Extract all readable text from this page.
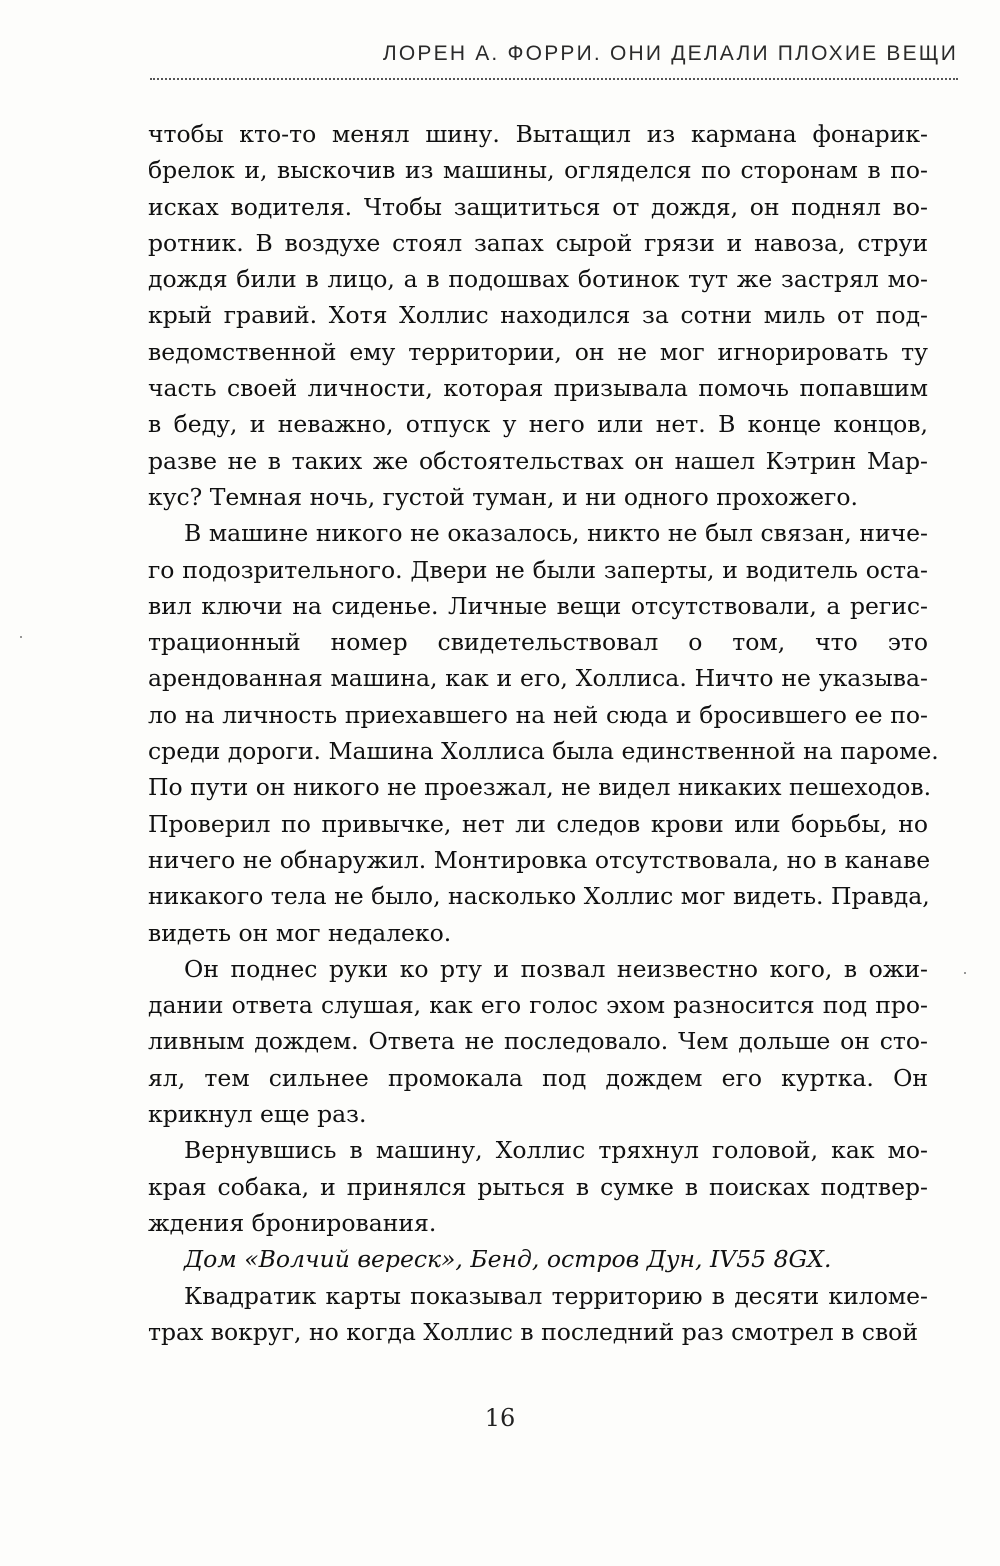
ЛОРЕН А. ФОРРИ. ОНИ ДЕЛАЛИ ПЛОХИЕ ВЕЩИ
чтобы кто-то менял шину. Вытащил из кармана фонарик-
брелок и, выскочив из машины, огляделся по сторонам в по-
исках водителя. Чтобы защититься от дождя, он поднял во-
ротник. В воздухе стоял запах сырой грязи и навоза, струи
дождя били в лицо, а в подошвах ботинок тут же застрял мо-
крый гравий. Хотя Холлис находился за сотни миль от под-
ведомственной ему территории, он не мог игнорировать ту
часть своей личности, которая призывала помочь попавшим
в беду, и неважно, отпуск у него или нет. В конце концов,
разве не в таких же обстоятельствах он нашел Кэтрин Мар-
кус? Темная ночь, густой туман, и ни одного прохожего.
В машине никого не оказалось, никто не был связан, ниче-
го подозрительного. Двери не были заперты, и водитель оста-
вил ключи на сиденье. Личные вещи отсутствовали, а регис-
трационный номер свидетельствовал о том, что это
арендованная машина, как и его, Холлиса. Ничто не указыва-
ло на личность приехавшего на ней сюда и бросившего ее по-
среди дороги. Машина Холлиса была единственной на пароме.
По пути он никого не проезжал, не видел никаких пешеходов.
Проверил по привычке, нет ли следов крови или борьбы, но
ничего не обнаружил. Монтировка отсутствовала, но в канаве
никакого тела не было, насколько Холлис мог видеть. Правда,
видеть он мог недалеко.
Он поднес руки ко рту и позвал неизвестно кого, в ожи-
дании ответа слушая, как его голос эхом разносится под про-
ливным дождем. Ответа не последовало. Чем дольше он сто-
ял, тем сильнее промокала под дождем его куртка. Он
крикнул еще раз.
Вернувшись в машину, Холлис тряхнул головой, как мо-
края собака, и принялся рыться в сумке в поисках подтвер-
ждения бронирования.
Дом «Волчий вереск», Бенд, остров Дун, IV55 8GX.
Квадратик карты показывал территорию в десяти киломе-
трах вокруг, но когда Холлис в последний раз смотрел в свой
16
